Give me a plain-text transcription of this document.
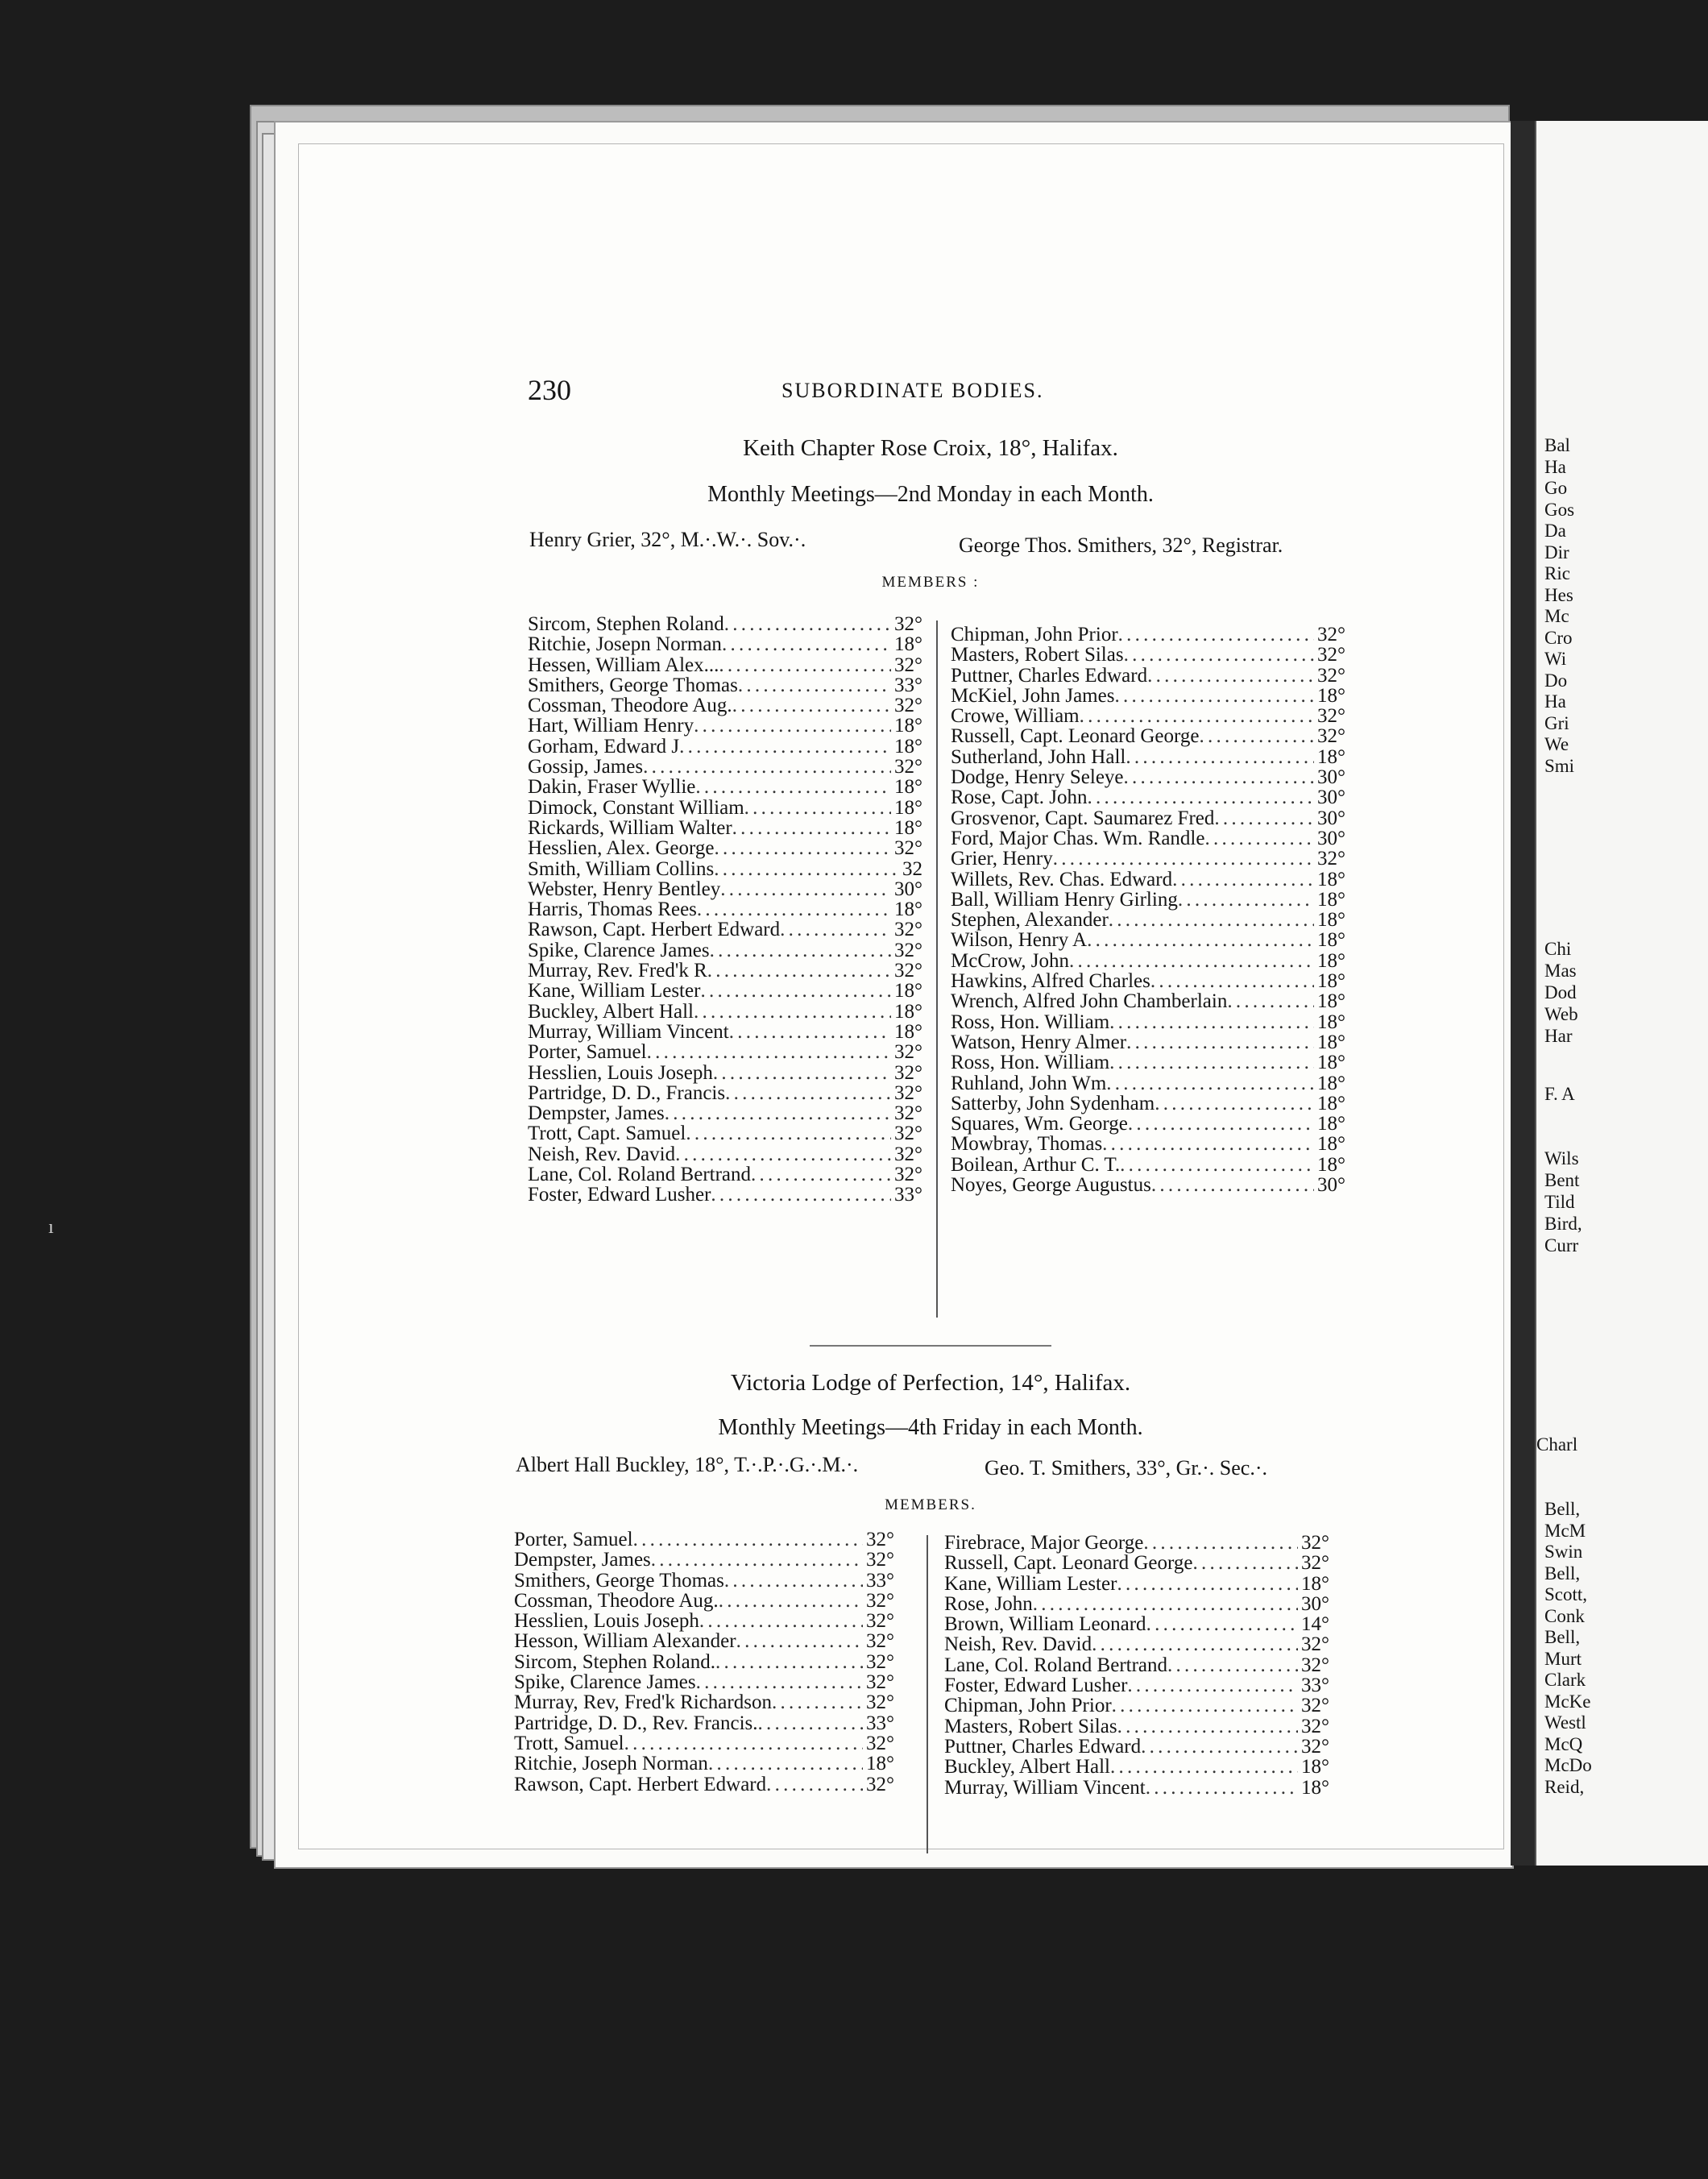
Bal
Ha
Go
Gos
Da
Dir
Ric
Hes
Mc
Cro
Wi
Do
Ha
Gri
We
Smi
Chi
Mas
Dod
Web
Har
F. A
Charl
Wils
Bent
Tild
Bird,
Curr
Bell,
McM
Swin
Bell,
Scott,
Conk
Bell,
Murt
Clark
McKe
Westl
McQ
McDo
Reid,
ı
230	SUBORDINATE BODIES.
Keith Chapter Rose Croix, 18°, Halifax.
Monthly Meetings—2nd Monday in each Month.
Henry Grier, 32°, M.·.W.·. Sov.·.	George Thos. Smithers, 32°, Registrar.
MEMBERS :
Sircom, Stephen Roland . . .	32°
Ritchie, Josepn Norman . . .	18°
Hessen, William Alex... . . .	32°
Smithers, George Thomas . . .	33°
Cossman, Theodore Aug. . . .	32°
Hart, William Henry . . .	18°
Gorham, Edward J . . .	18°
Gossip, James . . .	32°
Dakin, Fraser Wyllie . . .	18°
Dimock, Constant William . . .	18°
Rickards, William Walter . . .	18°
Hesslien, Alex. George . . .	32°
Smith, William Collins . . .	32
Webster, Henry Bentley . . .	30°
Harris, Thomas Rees . . .	18°
Rawson, Capt. Herbert Edward . . .	32°
Spike, Clarence James . . .	32°
Murray, Rev. Fred'k R . . .	32°
Kane, William Lester . . .	18°
Buckley, Albert Hall . . .	18°
Murray, William Vincent . . .	18°
Porter, Samuel . . .	32°
Hesslien, Louis Joseph . . .	32°
Partridge, D. D., Francis . . .	32°
Dempster, James . . .	32°
Trott, Capt. Samuel . . .	32°
Neish, Rev. David . . .	32°
Lane, Col. Roland Bertrand . . .	32°
Foster, Edward Lusher . . .	33°
Chipman, John Prior . . .	32°
Masters, Robert Silas . . .	32°
Puttner, Charles Edward . . .	32°
McKiel, John James . . .	18°
Crowe, William . . .	32°
Russell, Capt. Leonard George . . .	32°
Sutherland, John Hall . . .	18°
Dodge, Henry Seleye . . .	30°
Rose, Capt. John . . .	30°
Grosvenor, Capt. Saumarez Fred . . .	30°
Ford, Major Chas. Wm. Randle . . .	30°
Grier, Henry . . .	32°
Willets, Rev. Chas. Edward . . .	18°
Ball, William Henry Girling . . .	18°
Stephen, Alexander . . .	18°
Wilson, Henry A . . .	18°
McCrow, John . . .	18°
Hawkins, Alfred Charles . . .	18°
Wrench, Alfred John Chamberlain . . .	18°
Ross, Hon. William . . .	18°
Watson, Henry Almer . . .	18°
Ross, Hon. William . . .	18°
Ruhland, John Wm . . .	18°
Satterby, John Sydenham . . .	18°
Squares, Wm. George . . .	18°
Mowbray, Thomas . . .	18°
Boilean, Arthur C. T. . . .	18°
Noyes, George Augustus . . .	30°
Victoria Lodge of Perfection, 14°, Halifax.
Monthly Meetings—4th Friday in each Month.
Albert Hall Buckley, 18°, T.·.P.·.G.·.M.·.	Geo. T. Smithers, 33°, Gr.·. Sec.·.
MEMBERS.
Porter, Samuel . . .	32°
Dempster, James . . .	32°
Smithers, George Thomas . . .	33°
Cossman, Theodore Aug. . . .	32°
Hesslien, Louis Joseph . . .	32°
Hesson, William Alexander . . .	32°
Sircom, Stephen Roland. . . .	32°
Spike, Clarence James . . .	32°
Murray, Rev, Fred'k Richardson . . .	32°
Partridge, D. D., Rev. Francis. . . .	33°
Trott, Samuel . . .	32°
Ritchie, Joseph Norman . . .	18°
Rawson, Capt. Herbert Edward . . .	32°
Firebrace, Major George . . .	32°
Russell, Capt. Leonard George . . .	32°
Kane, William Lester . . .	18°
Rose, John . . .	30°
Brown, William Leonard . . .	14°
Neish, Rev. David . . .	32°
Lane, Col. Roland Bertrand . . .	32°
Foster, Edward Lusher . . .	33°
Chipman, John Prior . . .	32°
Masters, Robert Silas . . .	32°
Puttner, Charles Edward . . .	32°
Buckley, Albert Hall . . .	18°
Murray, William Vincent . . .	18°
